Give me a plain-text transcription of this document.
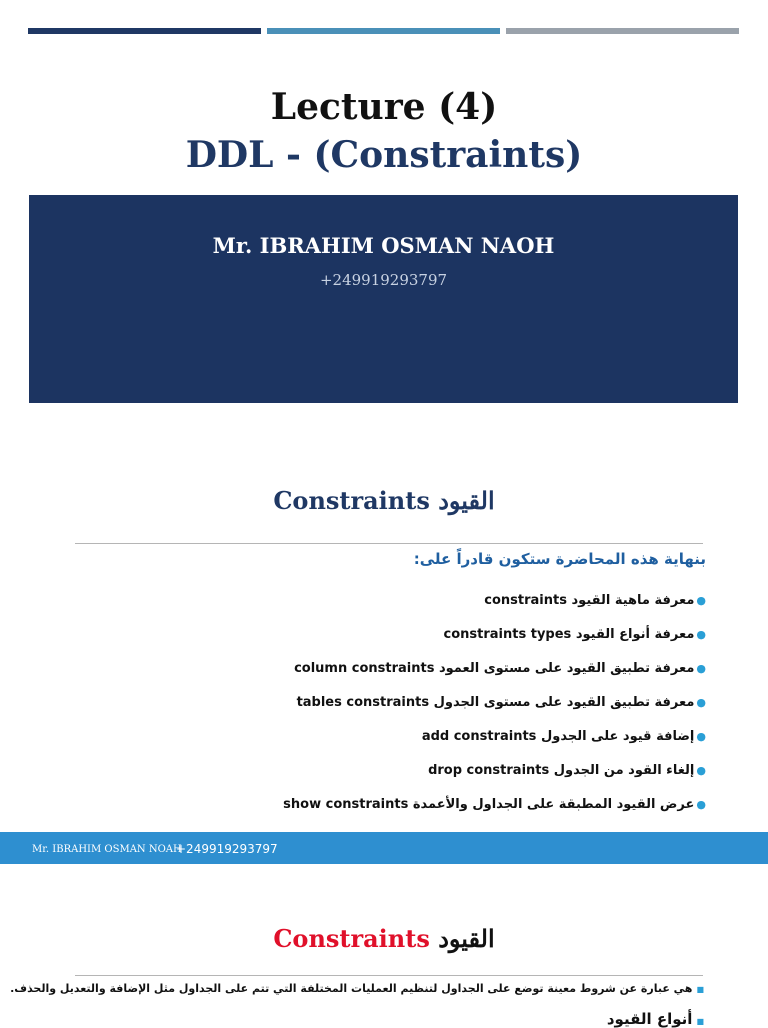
Lecture (4)
DDL - (Constraints)
Mr. IBRAHIM OSMAN NAOH
+249919293797
Constraints القيود
بنهاية هذه المحاضرة ستكون قادراً على:
●معرفة ماهية القيود constraints
●معرفة أنواع القيود constraints types
●معرفة تطبيق القيود على مستوى العمود column constraints
●معرفة تطبيق القيود على مستوى الجدول tables constraints
●إضافة قيود على الجدول add constraints
●إلغاء القود من الجدول drop constraints
●عرض القيود المطبقة على الجداول والأعمدة show constraints
Mr. IBRAHIM OSMAN NOAH
+249919293797
Constraints القيود
■هي عبارة عن شروط معينة توضع على الجداول لتنظيم العمليات المختلفة التي تتم على الجداول مثل الإضافة والتعديل والحذف.
■أنواع القيود
